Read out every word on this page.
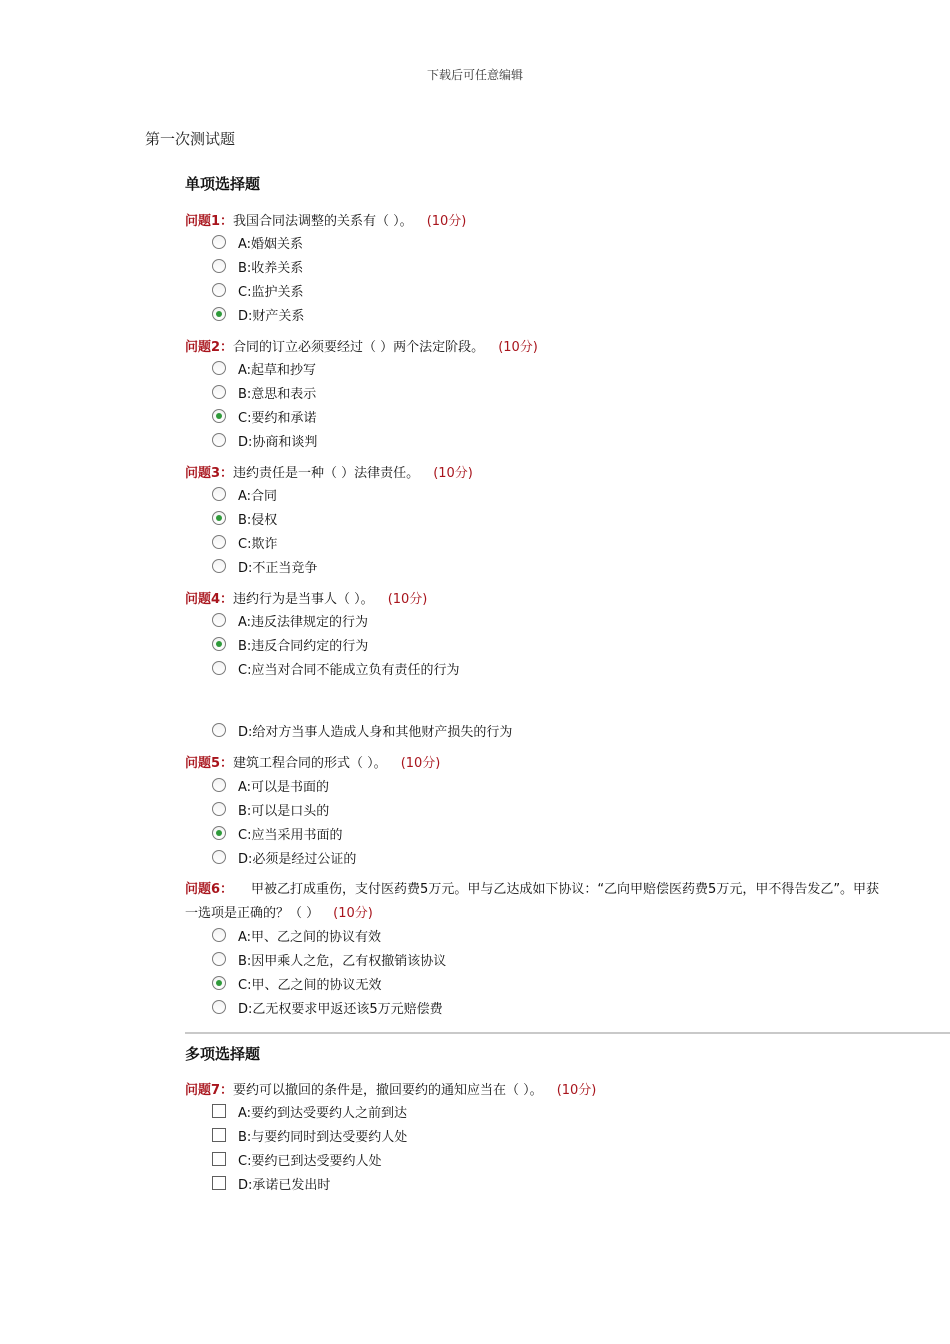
下载后可任意编辑
第一次测试题
单项选择题
问题1：我国合同法调整的关系有（ ）。 (10分)
A:婚姻关系
B:收养关系
C:监护关系
D:财产关系
问题2：合同的订立必须要经过（ ）两个法定阶段。 (10分)
A:起草和抄写
B:意思和表示
C:要约和承诺
D:协商和谈判
问题3：违约责任是一种（ ）法律责任。 (10分)
A:合同
B:侵权
C:欺诈
D:不正当竞争
问题4：违约行为是当事人（ ）。 (10分)
A:违反法律规定的行为
B:违反合同约定的行为
C:应当对合同不能成立负有责任的行为
D:给对方当事人造成人身和其他财产损失的行为
问题5：建筑工程合同的形式（ ）。 (10分)
A:可以是书面的
B:可以是口头的
C:应当采用书面的
D:必须是经过公证的
问题6： 甲被乙打成重伤，支付医药费5万元。甲与乙达成如下协议：“乙向甲赔偿医药费5万元，甲不得告发乙”。甲获
一选项是正确的？（ ） (10分)
A:甲、乙之间的协议有效
B:因甲乘人之危，乙有权撤销该协议
C:甲、乙之间的协议无效
D:乙无权要求甲返还该5万元赔偿费
多项选择题
问题7：要约可以撤回的条件是，撤回要约的通知应当在（ ）。 (10分)
A:要约到达受要约人之前到达
B:与要约同时到达受要约人处
C:要约已到达受要约人处
D:承诺已发出时
